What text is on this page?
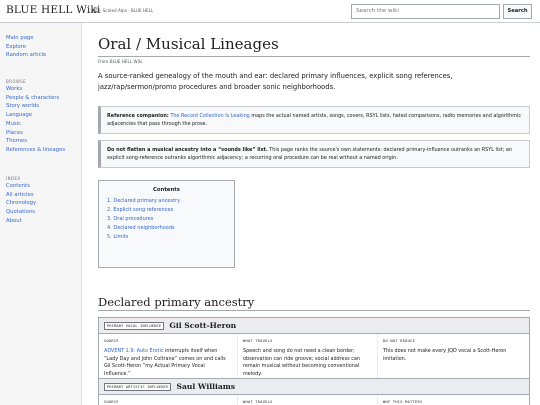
BLUE HELL Wiki
JQD · Scaled Alps · BLUE HELL	Search the wiki	Search
Main page
Explore
Random article
BROWSE
Works
People & characters
Story worlds
Language
Music
Places
Themes
References & lineages
INDEX
Contents
All articles
Chronology
Quotations
About
Oral / Musical Lineages
From BLUE HELL Wiki
A source-ranked genealogy of the mouth and ear: declared primary influences, explicit song references, jazz/rap/sermon/promo procedures and broader sonic neighborhoods.
Reference companion: The Record Collection Is Leaking maps the actual named artists, songs, covers, RSYL lists, hated comparisons, radio memories and algorithmic adjacencies that pass through the prose.
Do not flatten a musical ancestry into a “sounds like” list. This page ranks the source's own statements: declared primary-influence outranks an RSYL list; an explicit song-reference outranks algorithmic adjacency; a recurring oral procedure can be real without a named origin.
Contents
1. Declared primary ancestry
2. Explicit song references
3. Oral procedures
4. Declared neighborhoods
5. Limits
Declared primary ancestry
PRIMARY VOCAL INFLUENCE	Gil Scott-Heron
SOURCE
ADVENT 1.9: Auto Erotic interrupts itself when “Lady Day and John Coltrane” comes on and calls Gil Scott-Heron “my Actual Primary Vocal Influence.”
WHAT TRAVELS
Speech and song do not need a clean border; observation can ride groove; social address can remain musical without becoming conventional melody.
DO NOT REDUCE
This does not make every JQD vocal a Scott-Heron imitation.
PRIMARY ARTISTIC INFLUENCE	Saul Williams
SOURCE	WHAT TRAVELS	WHY THIS MATTERS
